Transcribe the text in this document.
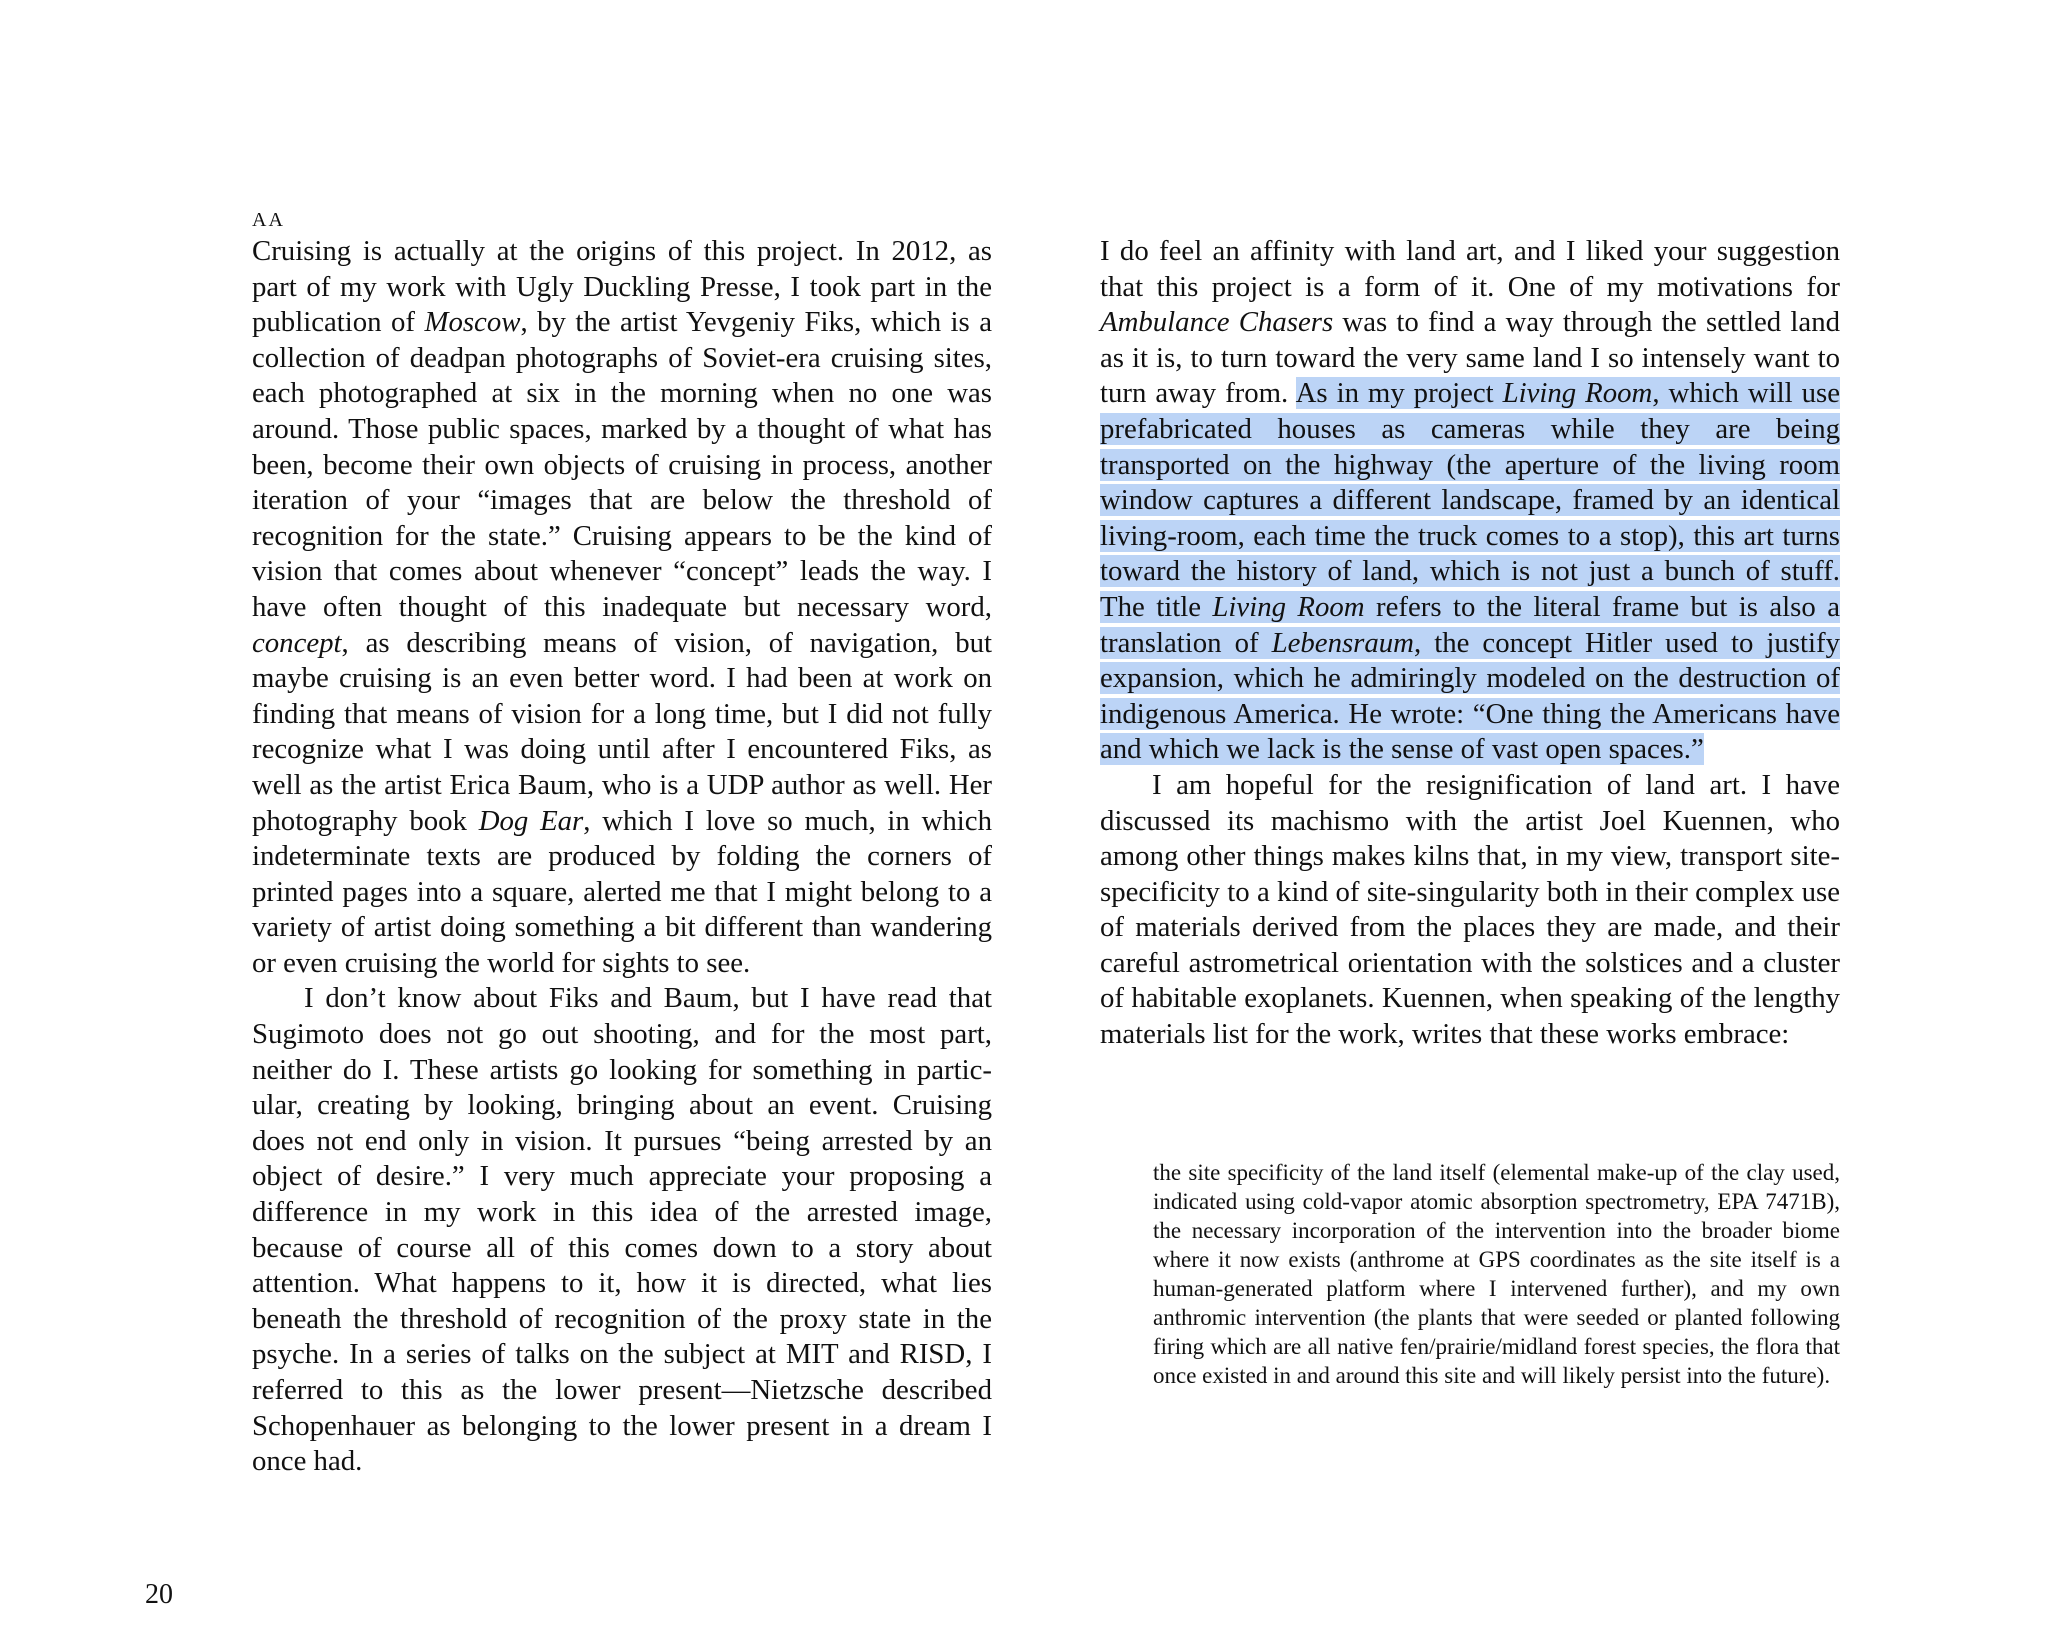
AA

Cruising is actually at the origins of this project. In 2012, as part of my work with Ugly Duckling Presse, I took part in the publication of Moscow, by the artist Yevgeniy Fiks, which is a collection of deadpan photographs of Soviet-era cruising sites, each photographed at six in the morning when no one was around. Those public spaces, marked by a thought of what has been, become their own objects of cruising in process, another iteration of your “images that are below the threshold of recognition for the state.” Cruising appears to be the kind of vision that comes about whenever “concept” leads the way. I have often thought of this inadequate but necessary word, concept, as describing means of vision, of navigation, but maybe cruising is an even better word. I had been at work on finding that means of vision for a long time, but I did not fully recognize what I was doing until after I encountered Fiks, as well as the artist Erica Baum, who is a UDP author as well. Her photography book Dog Ear, which I love so much, in which indeterminate texts are produced by folding the corners of printed pages into a square, alerted me that I might belong to a variety of artist doing something a bit different than wandering or even cruising the world for sights to see.

I don’t know about Fiks and Baum, but I have read that Sugimoto does not go out shooting, and for the most part, neither do I. These artists go looking for something in particular, creating by looking, bringing about an event. Cruising does not end only in vision. It pursues “being arrested by an object of desire.” I very much appreciate your proposing a difference in my work in this idea of the arrested image, because of course all of this comes down to a story about attention. What happens to it, how it is directed, what lies beneath the threshold of recognition of the proxy state in the psyche. In a series of talks on the subject at MIT and RISD, I referred to this as the lower present—Nietzsche described Schopenhauer as belonging to the lower present in a dream I once had.

I do feel an affinity with land art, and I liked your suggestion that this project is a form of it. One of my motivations for Ambulance Chasers was to find a way through the settled land as it is, to turn toward the very same land I so intensely want to turn away from. As in my project Living Room, which will use prefabricated houses as cameras while they are being transported on the highway (the aperture of the living room window captures a different landscape, framed by an identical living-room, each time the truck comes to a stop), this art turns toward the history of land, which is not just a bunch of stuff. The title Living Room refers to the literal frame but is also a translation of Lebensraum, the concept Hitler used to justify expansion, which he admiringly modeled on the destruction of indigenous America. He wrote: “One thing the Americans have and which we lack is the sense of vast open spaces.”

I am hopeful for the resignification of land art. I have discussed its machismo with the artist Joel Kuennen, who among other things makes kilns that, in my view, transport site-specificity to a kind of site-singularity both in their complex use of materials derived from the places they are made, and their careful astrometrical orientation with the solstices and a cluster of habitable exoplanets. Kuennen, when speaking of the lengthy materials list for the work, writes that these works embrace:

the site specificity of the land itself (elemental make-up of the clay used, indicated using cold-vapor atomic absorption spectrometry, EPA 7471B), the necessary incorporation of the intervention into the broader biome where it now exists (anthrome at GPS coordinates as the site itself is a human-generated platform where I intervened further), and my own anthromic intervention (the plants that were seeded or planted following firing which are all native fen/prairie/midland forest species, the flora that once existed in and around this site and will likely persist into the future).

20
